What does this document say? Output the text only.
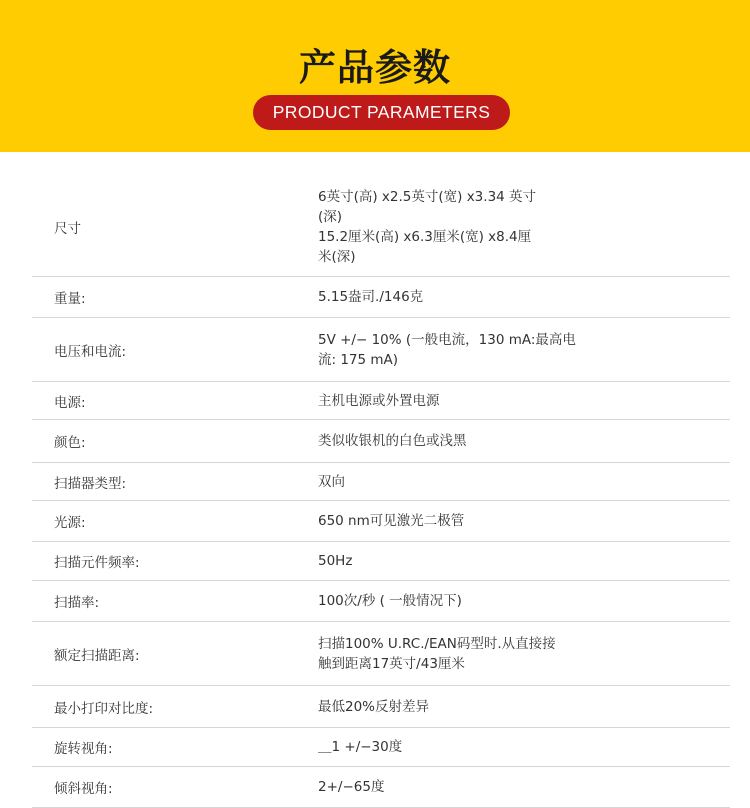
产品参数
PRODUCT PARAMETERS
尺寸
6英寸(高) x2.5英寸(宽) x3.34 英寸
(深)
15.2厘米(高) x6.3厘米(宽) x8.4厘
米(深)
重量:	5.15盎司./146克
电压和电流:
5V +/− 10% (一般电流，130 mA:最高电
流: 175 mA)
电源:	主机电源或外置电源
颜色:	类似收银机的白色或浅黑
扫描器类型:	双向
光源:	650 nm可见激光二极管
扫描元件频率:	50Hz
扫描率:	100次/秒 ( 一般情况下)
额定扫描距离:
扫描100% U.RC./EAN码型时.从直接接
触到距离17英寸/43厘米
最小打印对比度:	最低20%反射差异
旋转视角:	＿1 +/−30度
倾斜视角:	2+/−65度
